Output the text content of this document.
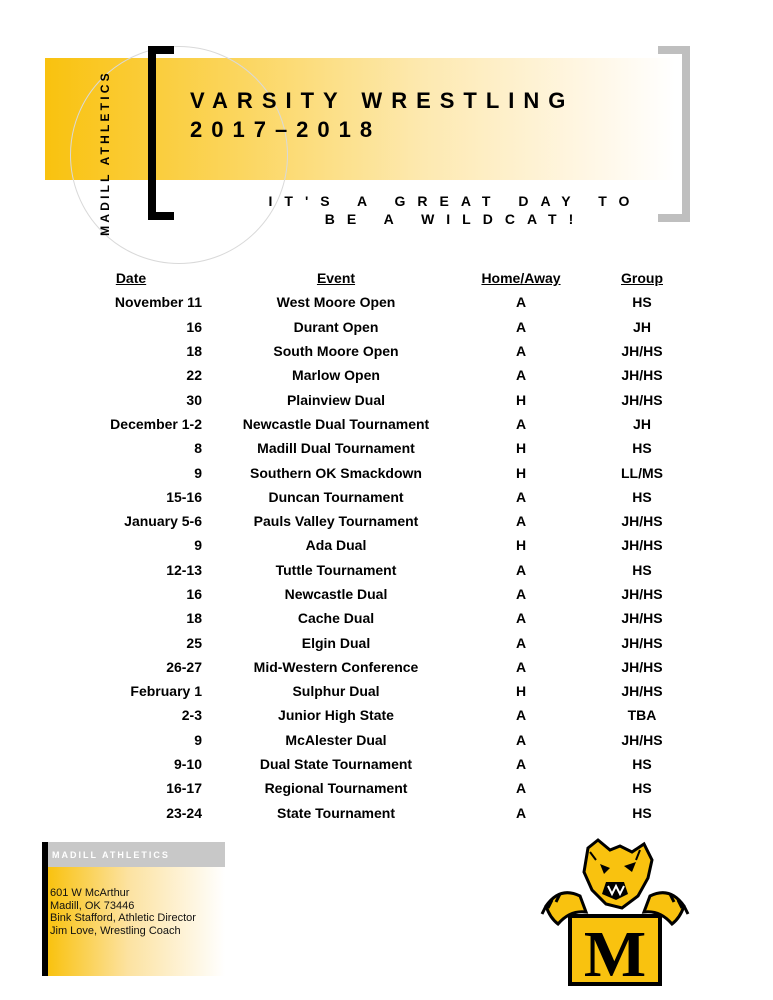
MADILL ATHLETICS	VARSITY WRESTLING
2017–2018

IT'S A GREAT DAY TO BE A WILDCAT!

Date	Event	Home/Away	Group
November 11	West Moore Open	A	HS
16	Durant Open	A	JH
18	South Moore Open	A	JH/HS
22	Marlow Open	A	JH/HS
30	Plainview Dual	H	JH/HS
December 1-2	Newcastle Dual Tournament	A	JH
8	Madill Dual Tournament	H	HS
9	Southern OK Smackdown	H	LL/MS
15-16	Duncan Tournament	A	HS
January 5-6	Pauls Valley Tournament	A	JH/HS
9	Ada Dual	H	JH/HS
12-13	Tuttle Tournament	A	HS
16	Newcastle Dual	A	JH/HS
18	Cache Dual	A	JH/HS
25	Elgin Dual	A	JH/HS
26-27	Mid-Western Conference	A	JH/HS
February 1	Sulphur Dual	H	JH/HS
2-3	Junior High State	A	TBA
9	McAlester Dual	A	JH/HS
9-10	Dual State Tournament	A	HS
16-17	Regional Tournament	A	HS
23-24	State Tournament	A	HS
MADILL ATHLETICS
601 W McArthur
Madill, OK 73446
Bink Stafford, Athletic Director
Jim Love, Wrestling Coach	M
